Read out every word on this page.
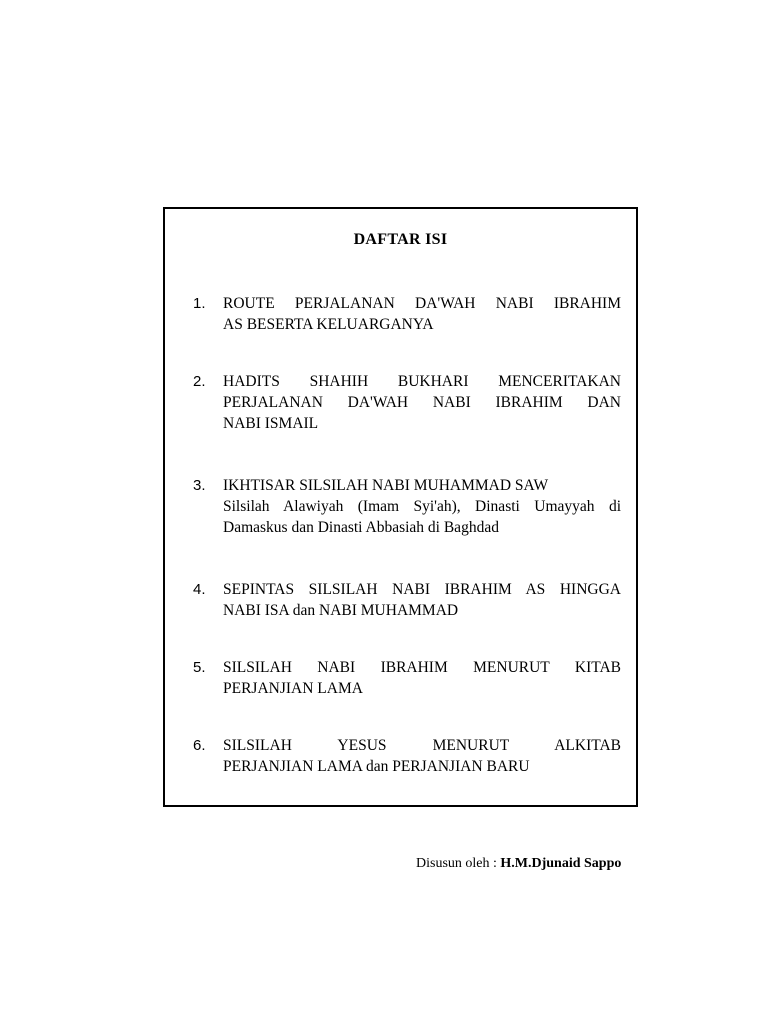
DAFTAR ISI
1.	ROUTE PERJALANAN DA'WAH NABI IBRAHIM
AS BESERTA KELUARGANYA
2.	HADITS SHAHIH BUKHARI MENCERITAKAN
PERJALANAN DA'WAH NABI IBRAHIM DAN
NABI ISMAIL
3.	IKHTISAR SILSILAH NABI MUHAMMAD SAW
Silsilah Alawiyah (Imam Syi'ah), Dinasti Umayyah di
Damaskus dan Dinasti Abbasiah di Baghdad
4.	SEPINTAS SILSILAH NABI IBRAHIM AS HINGGA
NABI ISA dan NABI MUHAMMAD
5.	SILSILAH NABI IBRAHIM MENURUT KITAB
PERJANJIAN LAMA
6.	SILSILAH YESUS MENURUT ALKITAB
PERJANJIAN LAMA dan PERJANJIAN BARU
Disusun oleh : H.M.Djunaid Sappo
